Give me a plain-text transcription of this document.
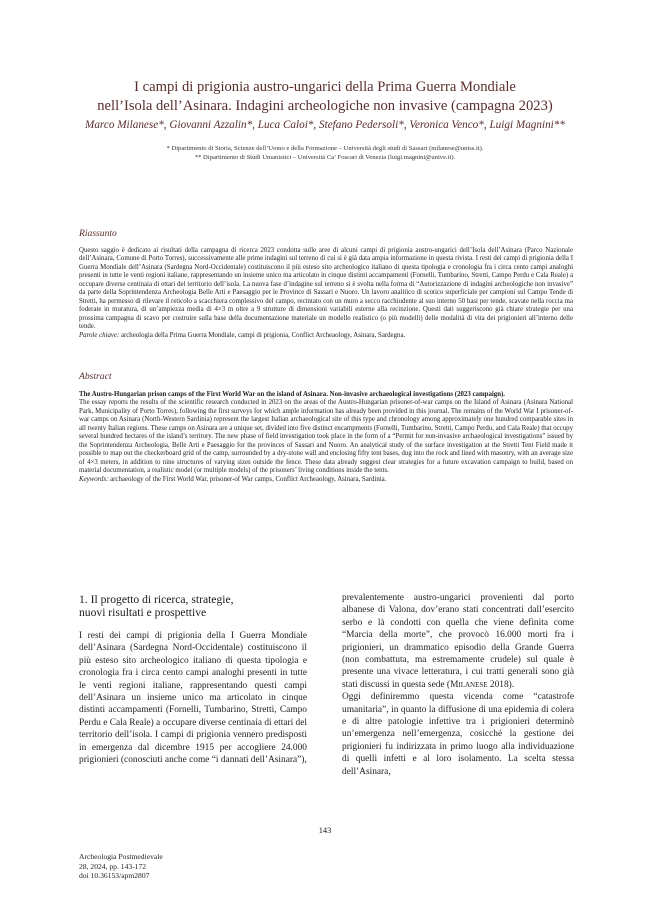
I campi di prigionia austro-ungarici della Prima Guerra Mondiale
nell’Isola dell’Asinara. Indagini archeologiche non invasive (campagna 2023)
Marco Milanese*, Giovanni Azzalin*, Luca Caloi*, Stefano Pedersoli*, Veronica Venco*, Luigi Magnini**
* Dipartimento di Storia, Scienze dell’Uomo e della Formazione – Università degli studi di Sassari (milanese@uniss.it).
** Dipartimento di Studi Umanistici – Università Ca’ Foscari di Venezia (luigi.magnini@unive.it).
Riassunto

Questo saggio è dedicato ai risultati della campagna di ricerca 2023 condotta sulle aree di alcuni campi di prigionia austro-ungarici dell’Isola dell’Asinara (Parco Nazionale dell’Asinara, Comune di Porto Torres), successivamente alle prime indagini sul terreno di cui si è già data ampia informazione in questa rivista. I resti dei campi di prigionia della I Guerra Mondiale dell’Asinara (Sardegna Nord-Occidentale) costituiscono il più esteso sito archeologico italiano di questa tipologia e cronologia fra i circa cento campi analoghi presenti in tutte le venti regioni italiane, rappresentando un insieme unico ma articolato in cinque distinti accampamenti (Fornelli, Tumbarino, Stretti, Campo Perdu e Cala Reale) a occupare diverse centinaia di ettari del territorio dell’isola. La nuova fase d’indagine sul terreno si è svolta nella forma di “Autorizzazione di indagini archeologiche non invasive” da parte della Soprintendenza Archeologia Belle Arti e Paesaggio per le Province di Sassari e Nuoro. Un lavoro analitico di scotico superficiale per campioni sul Campo Tende di Stretti, ha permesso di rilevare il reticolo a scacchiera complessivo del campo, recintato con un muro a secco racchiudente al suo interno 50 basi per tende, scavate nella roccia ma foderate in muratura, di un’ampiezza media di 4×3 m oltre a 9 strutture di dimensioni variabili esterne alla recinzione. Questi dati suggeriscono già chiare strategie per una prossima campagna di scavo per costruire sulla base della documentazione materiale un modello realistico (o più modelli) delle modalità di vita dei prigionieri all’interno delle tende.

Parole chiave: archeologia della Prima Guerra Mondiale, campi di prigionia, Conflict Archeaology, Asinara, Sardegna.

Abstract

The Austro-Hungarian prison camps of the First World War on the island of Asinara. Non-invasive archaeological investigations (2023 campaign).

The essay reports the results of the scientific research conducted in 2023 on the areas of the Austro-Hungarian prisoner-of-war camps on the Island of Asinara (Asinara National Park, Municipality of Porto Torres), following the first surveys for which ample information has already been provided in this journal. The remains of the World War I prisoner-of-war camps on Asinara (North-Western Sardinia) represent the largest Italian archaeological site of this type and chronology among approximately one hundred comparable sites in all twenty Italian regions. These camps on Asinara are a unique set, divided into five distinct encampments (Fornelli, Tumbarino, Stretti, Campo Perdu, and Cala Reale) that occupy several hundred hectares of the island’s territory. The new phase of field investigation took place in the form of a “Permit for non-invasive archaeological investigations” issued by the Soprintendenza Archeologia, Belle Arti e Paesaggio for the provinces of Sassari and Nuoro. An analytical study of the surface investigation at the Stretti Tent Field made it possible to map out the checkerboard grid of the camp, surrounded by a dry-stone wall and enclosing fifty tent bases, dug into the rock and lined with masonry, with an average size of 4×3 meters, in addition to nine structures of varying sizes outside the fence. These data already suggest clear strategies for a future excavation campaign to build, based on material documentation, a realistic model (or multiple models) of the prisoners’ living conditions inside the tents.

Keywords: archaeology of the First World War, prisoner-of War camps, Conflict Archeaology, Asinara, Sardinia.

1. Il progetto di ricerca, strategie,
nuovi risultati e prospettive

I resti dei campi di prigionia della I Guerra Mondiale dell’Asinara (Sardegna Nord-Occidentale) costituiscono il più esteso sito archeologico italiano di questa tipologia e cronologia fra i circa cento campi analoghi presenti in tutte le venti regioni italiane, rappresentando questi campi dell’Asinara un insieme unico ma articolato in cinque distinti accampamenti (Fornelli, Tumbarino, Stretti, Campo Perdu e Cala Reale) a occupare diverse centinaia di ettari del territorio dell’isola. I campi di prigionia vennero predisposti in emergenza dal dicembre 1915 per accogliere 24.000 prigionieri (conosciuti anche come “i dannati dell’Asinara”),

prevalentemente austro-ungarici provenienti dal porto albanese di Valona, dov’erano stati concentrati dall’esercito serbo e là condotti con quella che viene definita come “Marcia della morte”, che provocò 16.000 morti fra i prigionieri, un drammatico episodio della Grande Guerra (non combattuta, ma estremamente crudele) sul quale è presente una vivace letteratura, i cui tratti generali sono già stati discussi in questa sede (Milanese 2018).

Oggi definiremmo questa vicenda come “catastrofe umanitaria”, in quanto la diffusione di una epidemia di colera e di altre patologie infettive tra i prigionieri determinò un’emergenza nell’emergenza, cosicché la gestione dei prigionieri fu indirizzata in primo luogo alla individuazione di quelli infetti e al loro isolamento. La scelta stessa dell’Asinara,

143
Archeologia Postmedievale
28, 2024, pp. 143-172
doi 10.36153/apm2807
